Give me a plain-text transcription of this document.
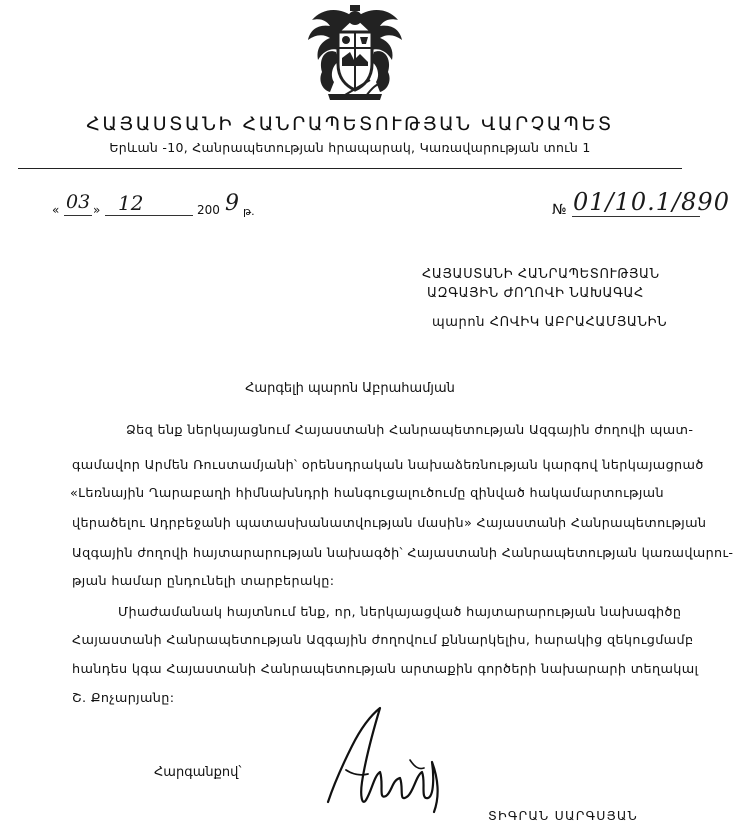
ՀԱՅԱՍՏԱՆԻ ՀԱՆՐԱՊԵՏՈՒԹՅԱՆ ՎԱՐՉԱՊԵՏ
Երևան -10, Հանրապետության հրապարակ, Կառավարության տուն 1
« 03 » 12	200 9 թ.	№ 01/10.1/890
ՀԱՅԱՍՏԱՆԻ ՀԱՆՐԱՊԵՏՈՒԹՅԱՆ
ԱԶԳԱՅԻՆ ԺՈՂՈՎԻ ՆԱԽԱԳԱՀ
պարոն ՀՈՎԻԿ ԱԲՐԱՀԱՄՅԱՆԻՆ
Հարգելի պարոն Աբրահամյան
Ձեզ ենք ներկայացնում Հայաստանի Հանրապետության Ազգային ժողովի պատ-
գամավոր Արմեն Ռուստամյանի՝ օրենսդրական նախաձեռնության կարգով ներկայացրած
«Լեռնային Ղարաբաղի հիմնախնդրի հանգուցալուծումը զինված հակամարտության
վերածելու Ադրբեջանի պատասխանատվության մասին» Հայաստանի Հանրապետության
Ազգային ժողովի հայտարարության նախագծի՝ Հայաստանի Հանրապետության կառավարու-
թյան համար ընդունելի տարբերակը:
Միաժամանակ հայտնում ենք, որ, ներկայացված հայտարարության նախագիծը
Հայաստանի Հանրապետության Ազգային ժողովում քննարկելիս, հարակից զեկուցմամբ
հանդես կգա Հայաստանի Հանրապետության արտաքին գործերի նախարարի տեղակալ
Շ. Քոչարյանը:
Հարգանքով՝
ՏԻԳՐԱՆ ՍԱՐԳՍՅԱՆ
